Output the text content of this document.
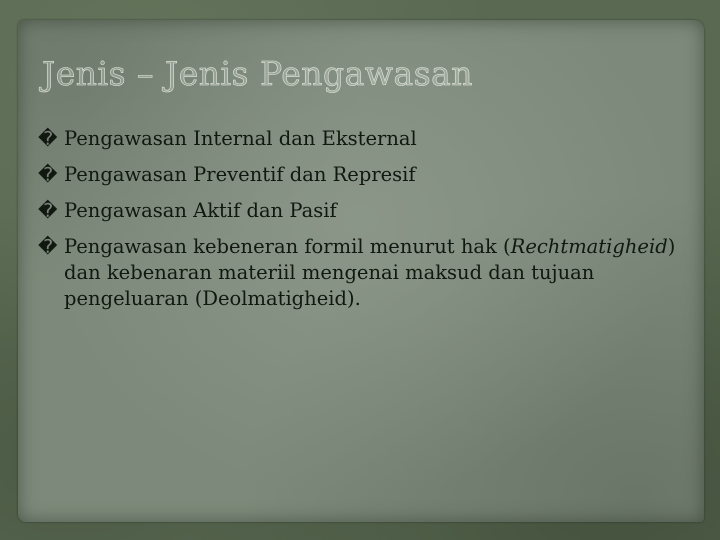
Jenis – Jenis Pengawasan
� Pengawasan Internal dan Eksternal
� Pengawasan Preventif dan Represif
� Pengawasan Aktif dan Pasif
� Pengawasan kebeneran formil menurut hak (Rechtmatigheid) dan kebenaran materiil mengenai maksud dan tujuan pengeluaran (Deolmatigheid).
